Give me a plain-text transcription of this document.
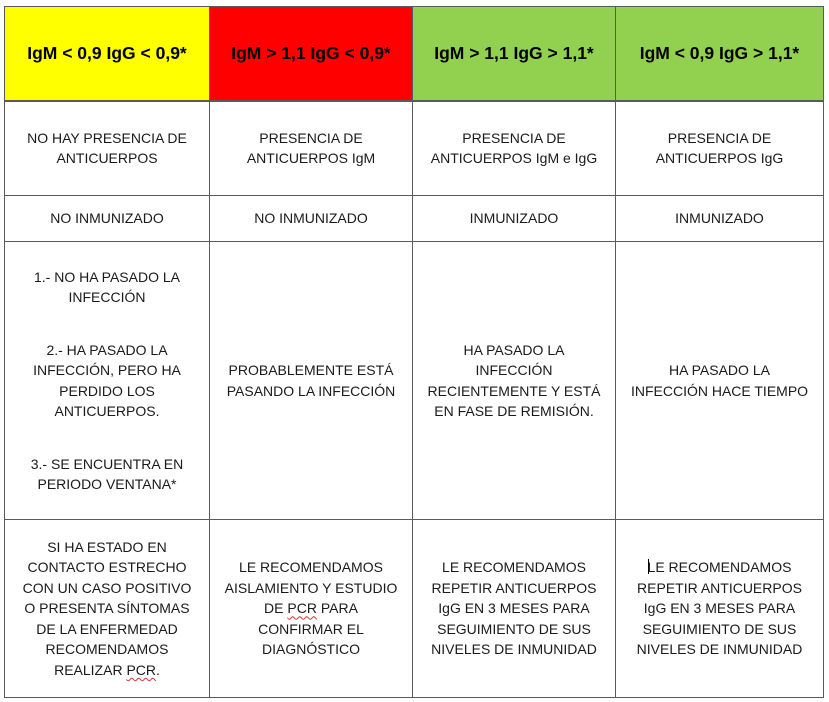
IgM < 0,9 IgG < 0,9*	IgM > 1,1 IgG < 0,9*	IgM > 1,1 IgG > 1,1*	IgM < 0,9 IgG > 1,1*
NO HAY PRESENCIA DE ANTICUERPOS	PRESENCIA DE ANTICUERPOS IgM	PRESENCIA DE ANTICUERPOS IgM e IgG	PRESENCIA DE ANTICUERPOS IgG
NO INMUNIZADO	NO INMUNIZADO	INMUNIZADO	INMUNIZADO

1.- NO HA PASADO LA INFECCIÓN
2.- HA PASADO LA INFECCIÓN, PERO HA PERDIDO LOS ANTICUERPOS.
3.- SE ENCUENTRA EN PERIODO VENTANA*	PROBABLEMENTE ESTÁ PASANDO LA INFECCIÓN	HA PASADO LA INFECCIÓN RECIENTEMENTE Y ESTÁ EN FASE DE REMISIÓN.	HA PASADO LA INFECCIÓN HACE TIEMPO
SI HA ESTADO EN CONTACTO ESTRECHO CON UN CASO POSITIVO O PRESENTA SÍNTOMAS DE LA ENFERMEDAD RECOMENDAMOS REALIZAR PCR.	LE RECOMENDAMOS AISLAMIENTO Y ESTUDIO DE PCR PARA CONFIRMAR EL DIAGNÓSTICO	LE RECOMENDAMOS REPETIR ANTICUERPOS IgG EN 3 MESES PARA SEGUIMIENTO DE SUS NIVELES DE INMUNIDAD	LE RECOMENDAMOS REPETIR ANTICUERPOS IgG EN 3 MESES PARA SEGUIMIENTO DE SUS NIVELES DE INMUNIDAD
